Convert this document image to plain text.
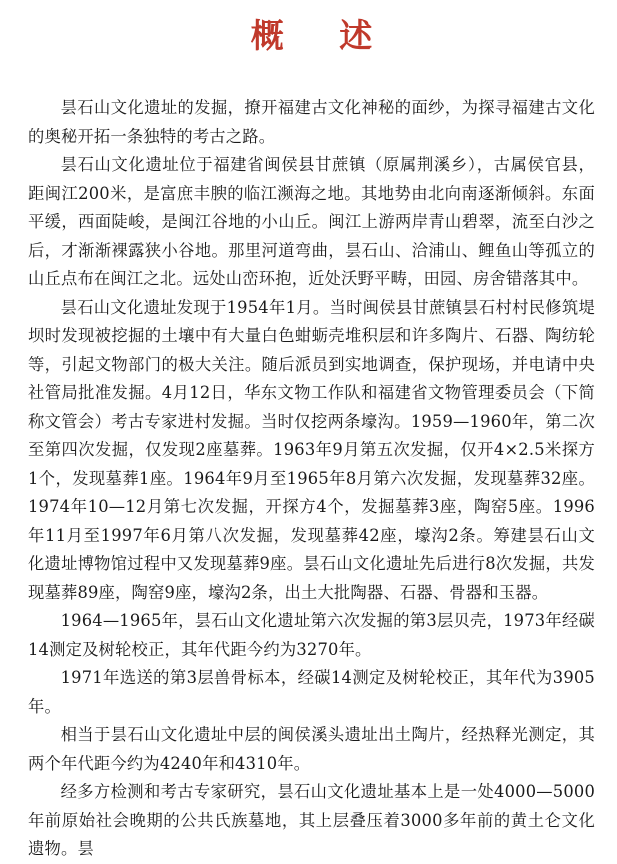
概 述

昙石山文化遗址的发掘，撩开福建古文化神秘的面纱，为探寻福建古文化的奥秘开拓一条独特的考古之路。

昙石山文化遗址位于福建省闽侯县甘蔗镇（原属荆溪乡），古属侯官县，距闽江200米，是富庶丰腴的临江濒海之地。其地势由北向南逐渐倾斜。东面平缓，西面陡峻，是闽江谷地的小山丘。闽江上游两岸青山碧翠，流至白沙之后，才渐渐裸露狭小谷地。那里河道弯曲，昙石山、洽浦山、鲤鱼山等孤立的山丘点布在闽江之北。远处山峦环抱，近处沃野平畴，田园、房舍错落其中。

昙石山文化遗址发现于1954年1月。当时闽侯县甘蔗镇昙石村村民修筑堤坝时发现被挖掘的土壤中有大量白色蚶蛎壳堆积层和许多陶片、石器、陶纺轮等，引起文物部门的极大关注。随后派员到实地调查，保护现场，并电请中央社管局批准发掘。4月12日，华东文物工作队和福建省文物管理委员会（下简称文管会）考古专家进村发掘。当时仅挖两条壕沟。1959—1960年，第二次至第四次发掘，仅发现2座墓葬。1963年9月第五次发掘，仅开4×2.5米探方1个，发现墓葬1座。1964年9月至1965年8月第六次发掘，发现墓葬32座。1974年10—12月第七次发掘，开探方4个，发掘墓葬3座，陶窑5座。1996年11月至1997年6月第八次发掘，发现墓葬42座，壕沟2条。筹建昙石山文化遗址博物馆过程中又发现墓葬9座。昙石山文化遗址先后进行8次发掘，共发现墓葬89座，陶窑9座，壕沟2条，出土大批陶器、石器、骨器和玉器。

1964—1965年，昙石山文化遗址第六次发掘的第3层贝壳，1973年经碳14测定及树轮校正，其年代距今约为3270年。

1971年选送的第3层兽骨标本，经碳14测定及树轮校正，其年代为3905年。

相当于昙石山文化遗址中层的闽侯溪头遗址出土陶片，经热释光测定，其两个年代距今约为4240年和4310年。

经多方检测和考古专家研究，昙石山文化遗址基本上是一处4000—5000年前原始社会晚期的公共氏族墓地，其上层叠压着3000多年前的黄土仑文化遗物。昙
